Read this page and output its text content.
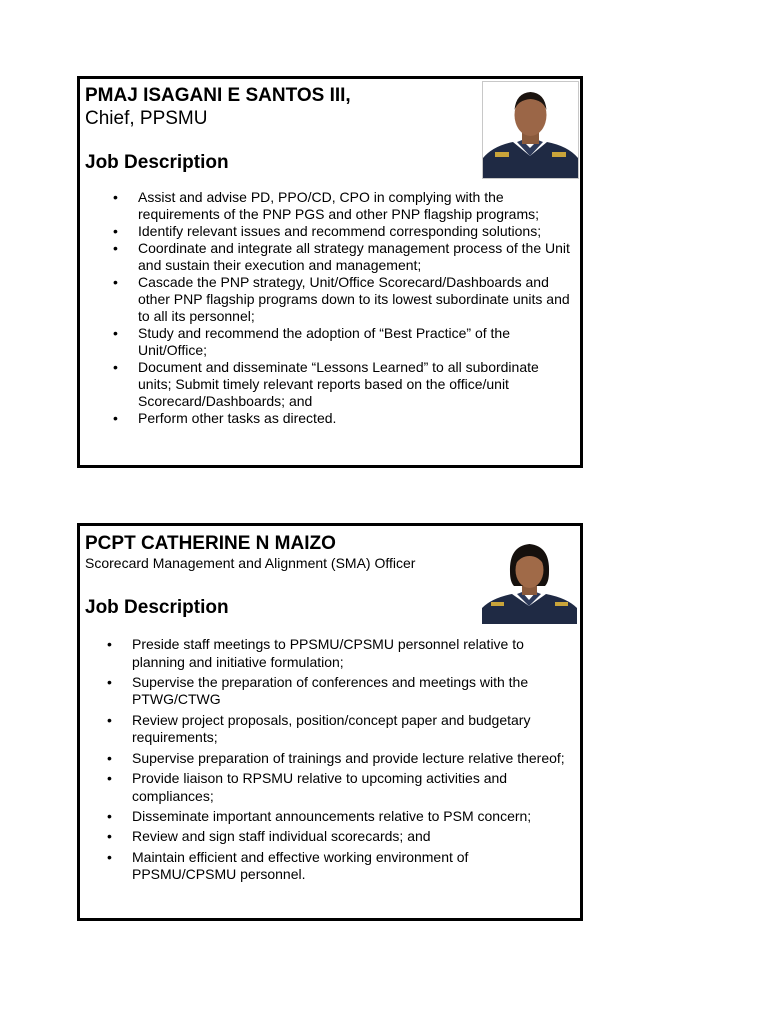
PMAJ ISAGANI E SANTOS III,
Chief, PPSMU
Job Description
• Assist and advise PD, PPO/CD, CPO in complying with the requirements of the PNP PGS and other PNP flagship programs;
• Identify relevant issues and recommend corresponding solutions;
• Coordinate and integrate all strategy management process of the Unit and sustain their execution and management;
• Cascade the PNP strategy, Unit/Office Scorecard/Dashboards and other PNP flagship programs down to its lowest subordinate units and to all its personnel;
• Study and recommend the adoption of “Best Practice” of the Unit/Office;
• Document and disseminate “Lessons Learned” to all subordinate units; Submit timely relevant reports based on the office/unit Scorecard/Dashboards; and
• Perform other tasks as directed.
PCPT CATHERINE N MAIZO
Scorecard Management and Alignment (SMA) Officer
Job Description
• Preside staff meetings to PPSMU/CPSMU personnel relative to planning and initiative formulation;
• Supervise the preparation of conferences and meetings with the PTWG/CTWG
• Review project proposals, position/concept paper and budgetary requirements;
• Supervise preparation of trainings and provide lecture relative thereof;
• Provide liaison to RPSMU relative to upcoming activities and compliances;
• Disseminate important announcements relative to PSM concern;
• Review and sign staff individual scorecards; and
• Maintain efficient and effective working environment of PPSMU/CPSMU personnel.
